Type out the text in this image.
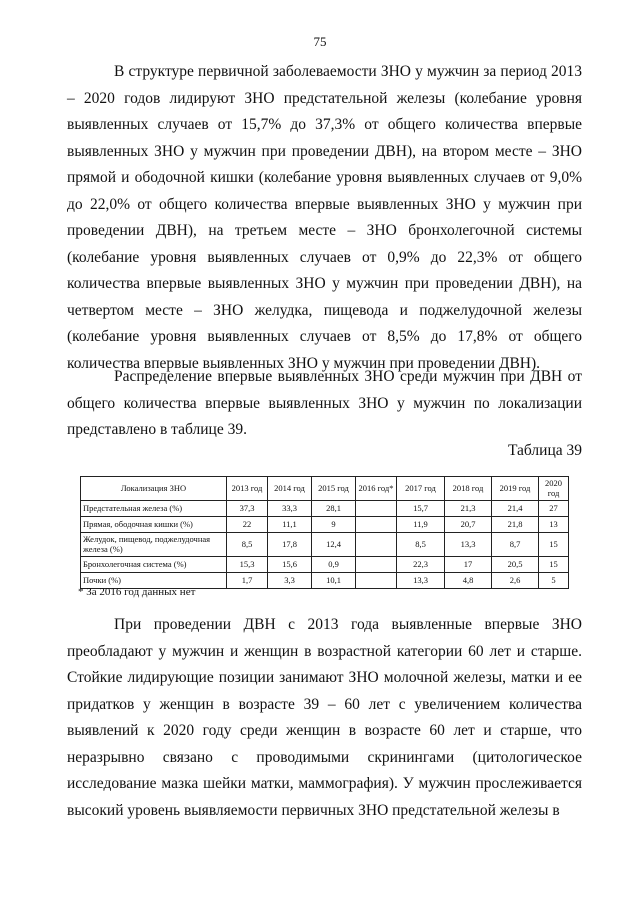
75

В структуре первичной заболеваемости ЗНО у мужчин за период 2013 – 2020 годов лидируют ЗНО предстательной железы (колебание уровня выявленных случаев от 15,7% до 37,3% от общего количества впервые выявленных ЗНО у мужчин при проведении ДВН), на втором месте – ЗНО прямой и ободочной кишки (колебание уровня выявленных случаев от 9,0% до 22,0% от общего количества впервые выявленных ЗНО у мужчин при проведении ДВН), на третьем месте – ЗНО бронхолегочной системы (колебание уровня выявленных случаев от 0,9% до 22,3% от общего количества впервые выявленных ЗНО у мужчин при проведении ДВН), на четвертом месте – ЗНО желудка, пищевода и поджелудочной железы (колебание уровня выявленных случаев от 8,5% до 17,8% от общего количества впервые выявленных ЗНО у мужчин при проведении ДВН).

Распределение впервые выявленных ЗНО среди мужчин при ДВН от общего количества впервые выявленных ЗНО у мужчин по локализации представлено в таблице 39.

Таблица 39
Локализация ЗНО	2013 год	2014 год	2015 год	2016 год*	2017 год	2018 год	2019 год	2020 год
Предстательная железа (%)	37,3	33,3	28,1		15,7	21,3	21,4	27
Прямая, ободочная кишки (%)	22	11,1	9		11,9	20,7	21,8	13
Желудок, пищевод, поджелудочная железа (%)	8,5	17,8	12,4		8,5	13,3	8,7	15
Бронхолегочная система (%)	15,3	15,6	0,9		22,3	17	20,5	15
Почки (%)	1,7	3,3	10,1		13,3	4,8	2,6	5
* За 2016 год данных нет

При проведении ДВН с 2013 года выявленные впервые ЗНО преобладают у мужчин и женщин в возрастной категории 60 лет и старше. Стойкие лидирующие позиции занимают ЗНО молочной железы, матки и ее придатков у женщин в возрасте 39 – 60 лет с увеличением количества выявлений к 2020 году среди женщин в возрасте 60 лет и старше, что неразрывно связано с проводимыми скринингами (цитологическое исследование мазка шейки матки, маммография). У мужчин прослеживается высокий уровень выявляемости первичных ЗНО предстательной железы в
